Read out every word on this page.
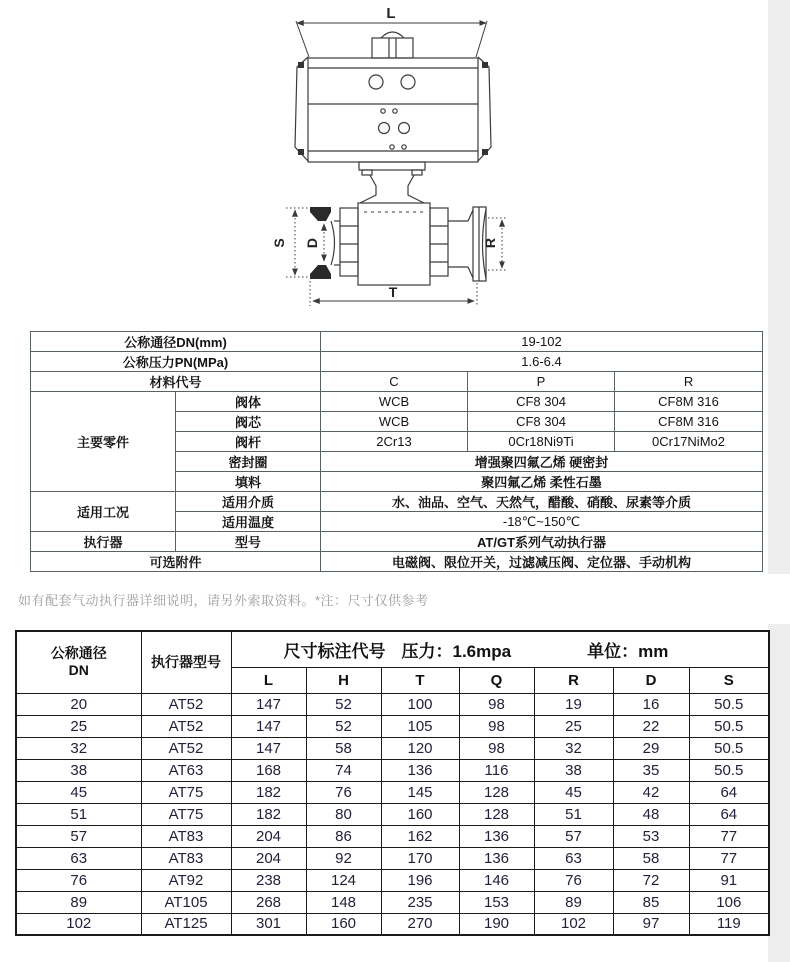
L
S D	R
T
公称通径DN(mm)		19-102		
公称压力PN(MPa)		1.6-6.4		
材料代号		C	P	R
主要零件	阀体	WCB	CF8 304	CF8M 316
	阀芯	WCB	CF8 304	CF8M 316
	阀杆	2Cr13	0Cr18Ni9Ti	0Cr17NiMo2
	密封圈	增强聚四氟乙烯 硬密封		
	填料	聚四氟乙烯 柔性石墨		
适用工况	适用介质	水、油品、空气、天然气，醋酸、硝酸、尿素等介质		
	适用温度	-18℃~150℃		
执行器	型号	AT/GT系列气动执行器		
可选附件		电磁阀、限位开关，过滤减压阀、定位器、手动机构		
如有配套气动执行器详细说明，请另外索取资料。*注：尺寸仅供参考
公称通径
DN
	执行器型号	
尺寸标注代号 压力：1.6mpa	单位：mm

		L	H	T	Q	R	D	S
20	AT52	147	52	100	98	19	16	50.5
25	AT52	147	52	105	98	25	22	50.5
32	AT52	147	58	120	98	32	29	50.5
38	AT63	168	74	136	116	38	35	50.5
45	AT75	182	76	145	128	45	42	64
51	AT75	182	80	160	128	51	48	64
57	AT83	204	86	162	136	57	53	77
63	AT83	204	92	170	136	63	58	77
76	AT92	238	124	196	146	76	72	91
89	AT105	268	148	235	153	89	85	106
102	AT125	301	160	270	190	102	97	119
